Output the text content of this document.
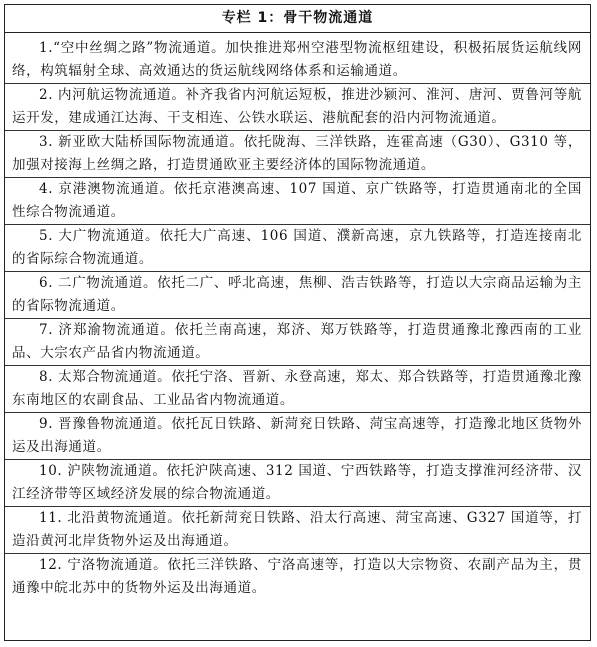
专栏 1：骨干物流通道
1.“空中丝绸之路”物流通道。加快推进郑州空港型物流枢纽建设，积极拓展货运航线网络，构筑辐射全球、高效通达的货运航线网络体系和运输通道。
2. 内河航运物流通道。补齐我省内河航运短板，推进沙颍河、淮河、唐河、贾鲁河等航运开发，建成通江达海、干支相连、公铁水联运、港航配套的沿内河物流通道。
3. 新亚欧大陆桥国际物流通道。依托陇海、三洋铁路，连霍高速（G30）、G310 等，加强对接海上丝绸之路，打造贯通欧亚主要经济体的国际物流通道。
4. 京港澳物流通道。依托京港澳高速、107 国道、京广铁路等，打造贯通南北的全国性综合物流通道。
5. 大广物流通道。依托大广高速、106 国道、濮新高速，京九铁路等，打造连接南北的省际综合物流通道。
6. 二广物流通道。依托二广、呼北高速，焦柳、浩吉铁路等，打造以大宗商品运输为主的省际物流通道。
7. 济郑渝物流通道。依托兰南高速，郑济、郑万铁路等，打造贯通豫北豫西南的工业品、大宗农产品省内物流通道。
8. 太郑合物流通道。依托宁洛、晋新、永登高速，郑太、郑合铁路等，打造贯通豫北豫东南地区的农副食品、工业品省内物流通道。
9. 晋豫鲁物流通道。依托瓦日铁路、新菏兖日铁路、菏宝高速等，打造豫北地区货物外运及出海通道。
10. 沪陕物流通道。依托沪陕高速、312 国道、宁西铁路等，打造支撑淮河经济带、汉江经济带等区域经济发展的综合物流通道。
11. 北沿黄物流通道。依托新菏兖日铁路、沿太行高速、菏宝高速、G327 国道等，打造沿黄河北岸货物外运及出海通道。
12. 宁洛物流通道。依托三洋铁路、宁洛高速等，打造以大宗物资、农副产品为主，贯通豫中皖北苏中的货物外运及出海通道。
